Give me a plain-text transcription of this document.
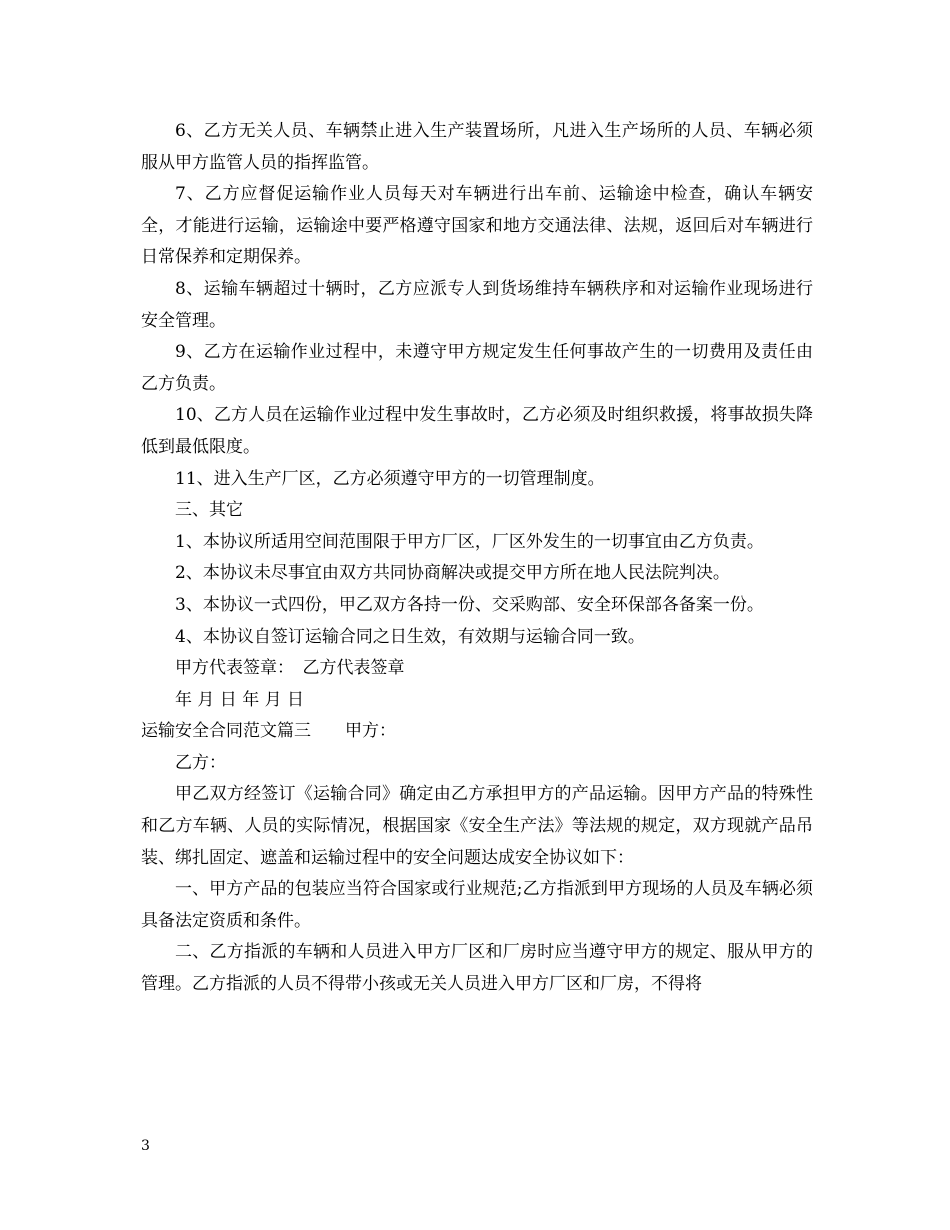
6、乙方无关人员、车辆禁止进入生产装置场所，凡进入生产场所的人员、车辆必须服从甲方监管人员的指挥监管。

7、乙方应督促运输作业人员每天对车辆进行出车前、运输途中检查，确认车辆安全，才能进行运输，运输途中要严格遵守国家和地方交通法律、法规，返回后对车辆进行日常保养和定期保养。

8、运输车辆超过十辆时，乙方应派专人到货场维持车辆秩序和对运输作业现场进行安全管理。

9、乙方在运输作业过程中，未遵守甲方规定发生任何事故产生的一切费用及责任由乙方负责。

10、乙方人员在运输作业过程中发生事故时，乙方必须及时组织救援，将事故损失降低到最低限度。

11、进入生产厂区，乙方必须遵守甲方的一切管理制度。

三、其它

1、本协议所适用空间范围限于甲方厂区，厂区外发生的一切事宜由乙方负责。

2、本协议未尽事宜由双方共同协商解决或提交甲方所在地人民法院判决。

3、本协议一式四份，甲乙双方各持一份、交采购部、安全环保部各备案一份。

4、本协议自签订运输合同之日生效，有效期与运输合同一致。

甲方代表签章：　乙方代表签章

年 月 日 年 月 日

运输安全合同范文篇三　　甲方：

乙方：

甲乙双方经签订《运输合同》确定由乙方承担甲方的产品运输。因甲方产品的特殊性和乙方车辆、人员的实际情况，根据国家《安全生产法》等法规的规定，双方现就产品吊装、绑扎固定、遮盖和运输过程中的安全问题达成安全协议如下：

一、甲方产品的包装应当符合国家或行业规范;乙方指派到甲方现场的人员及车辆必须具备法定资质和条件。

二、乙方指派的车辆和人员进入甲方厂区和厂房时应当遵守甲方的规定、服从甲方的管理。乙方指派的人员不得带小孩或无关人员进入甲方厂区和厂房，不得将

3
